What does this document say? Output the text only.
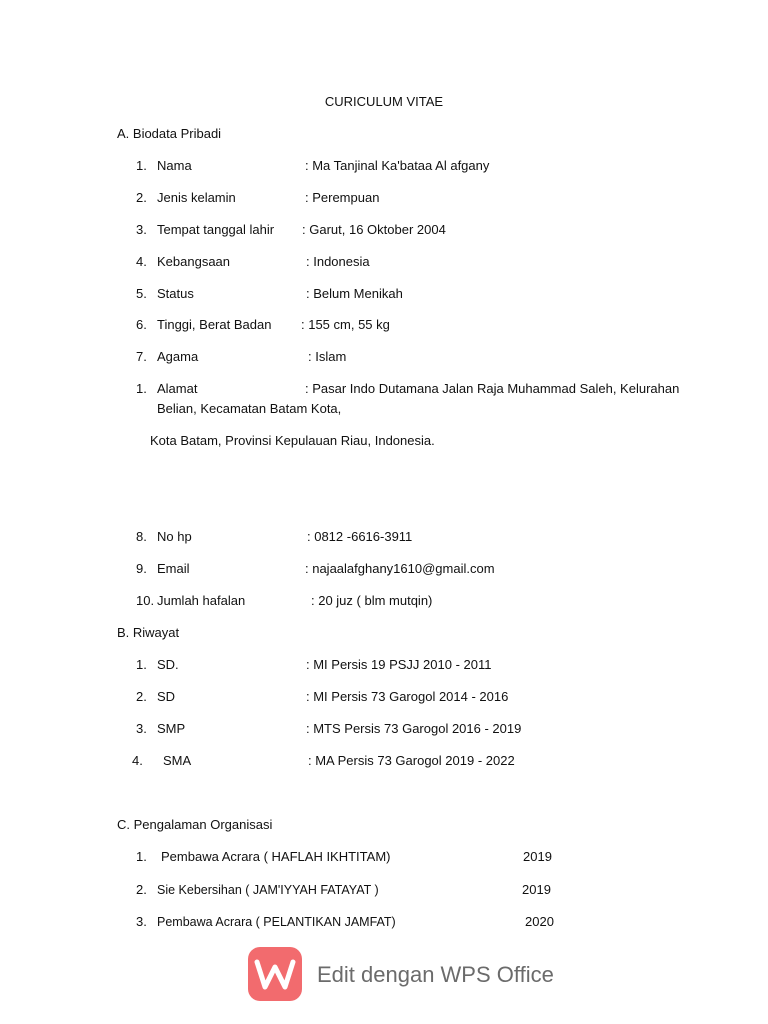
CURICULUM VITAE
A. Biodata Pribadi
1. Nama	: Ma Tanjinal Ka'bataa Al afgany
2. Jenis kelamin	: Perempuan
3. Tempat tanggal lahir : Garut, 16 Oktober 2004
4. Kebangsaan	: Indonesia
5. Status	: Belum Menikah
6. Tinggi, Berat Badan : 155 cm, 55 kg
7. Agama	: Islam
1. Alamat	: Pasar Indo Dutamana Jalan Raja Muhammad Saleh, Kelurahan
Belian, Kecamatan Batam Kota,
Kota Batam, Provinsi Kepulauan Riau, Indonesia.
8. No hp	: 0812 -6616-3911
9. Email	: najaalafghany1610@gmail.com
10. Jumlah hafalan	: 20 juz ( blm mutqin)
B. Riwayat
1. SD.	: MI Persis 19 PSJJ 2010 - 2011
2. SD	: MI Persis 73 Garogol 2014 - 2016
3. SMP	: MTS Persis 73 Garogol 2016 - 2019
4. SMA	: MA Persis 73 Garogol 2019 - 2022
C. Pengalaman Organisasi
1. Pembawa Acrara ( HAFLAH IKHTITAM)	2019
2. Sie Kebersihan ( JAM'IYYAH FATAYAT )	2019
3. Pembawa Acrara ( PELANTIKAN JAMFAT)	2020
Edit dengan WPS Office
